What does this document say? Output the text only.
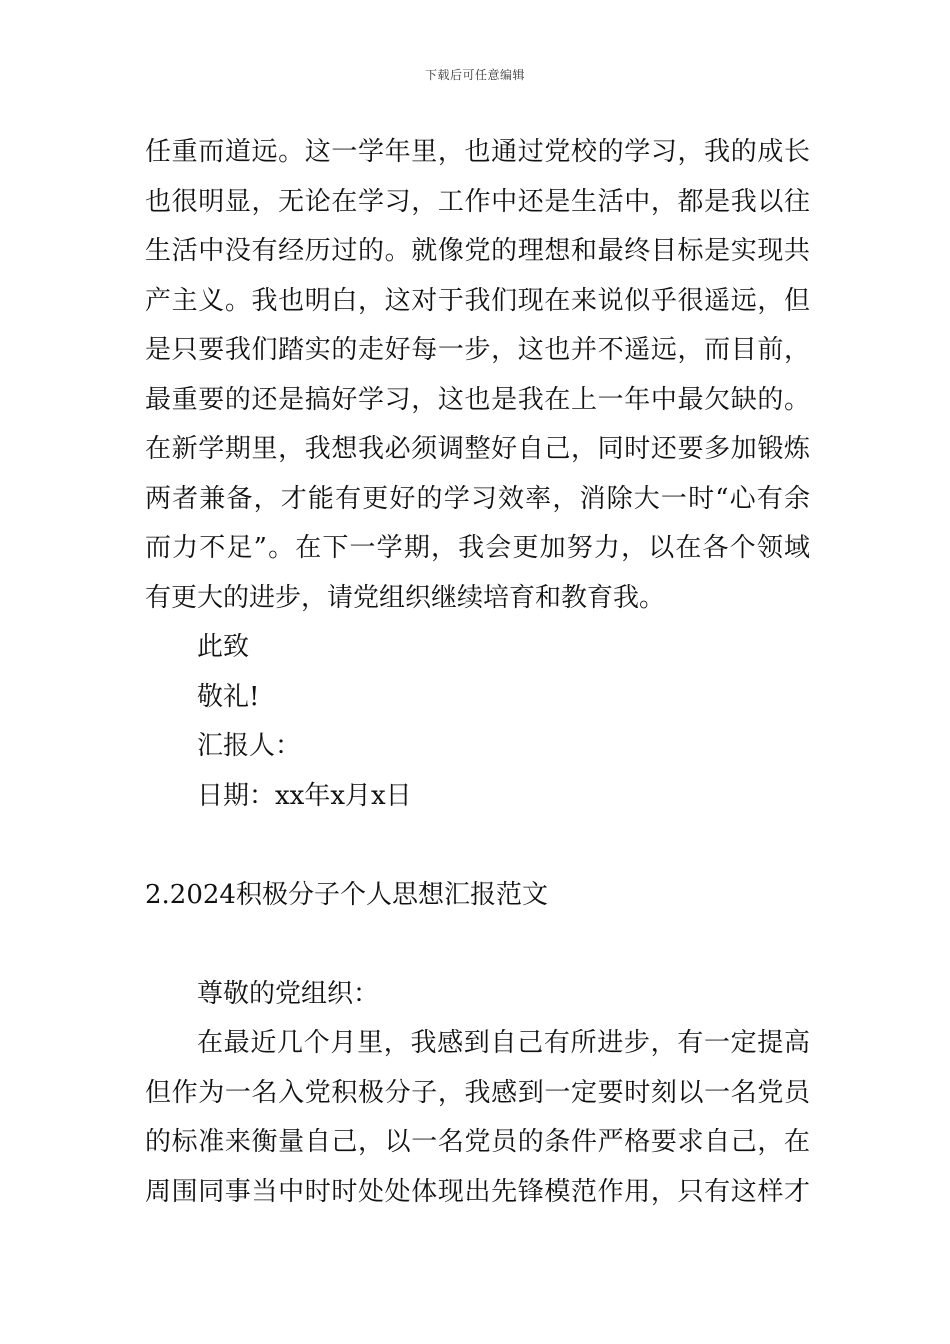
下载后可任意编辑
任重而道远。这一学年里，也通过党校的学习，我的成长
也很明显，无论在学习，工作中还是生活中，都是我以往
生活中没有经历过的。就像党的理想和最终目标是实现共
产主义。我也明白，这对于我们现在来说似乎很遥远，但
是只要我们踏实的走好每一步，这也并不遥远，而目前，
最重要的还是搞好学习，这也是我在上一年中最欠缺的。
在新学期里，我想我必须调整好自己，同时还要多加锻炼
两者兼备，才能有更好的学习效率，消除大一时“心有余
而力不足”。在下一学期，我会更加努力，以在各个领域
有更大的进步，请党组织继续培育和教育我。
此致
敬礼!
汇报人：
日期：xx年x月x日
2.2024积极分子个人思想汇报范文
尊敬的党组织：
在最近几个月里，我感到自己有所进步，有一定提高
但作为一名入党积极分子，我感到一定要时刻以一名党员
的标准来衡量自己，以一名党员的条件严格要求自己，在
周围同事当中时时处处体现出先锋模范作用，只有这样才
